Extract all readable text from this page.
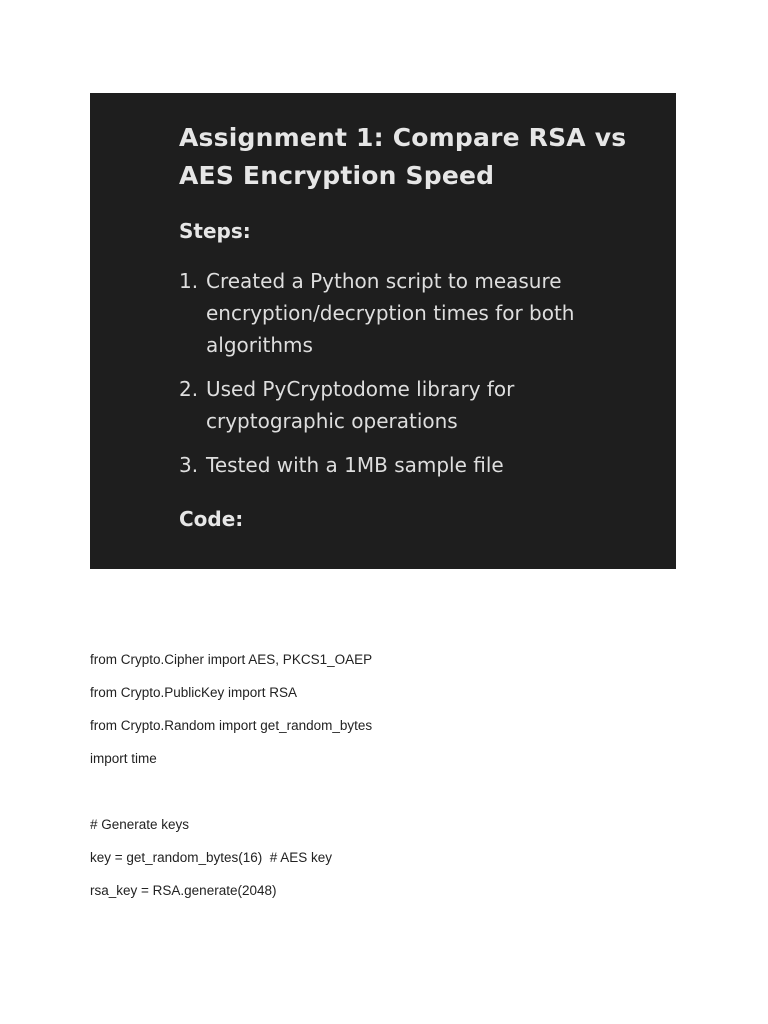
Assignment 1: Compare RSA vs
AES Encryption Speed
Steps:
1. Created a Python script to measure encryption/decryption times for both algorithms
2. Used PyCryptodome library for cryptographic operations
3. Tested with a 1MB sample file
Code:
from Crypto.Cipher import AES, PKCS1_OAEP
from Crypto.PublicKey import RSA
from Crypto.Random import get_random_bytes
import time
# Generate keys
key = get_random_bytes(16)  # AES key
rsa_key = RSA.generate(2048)
